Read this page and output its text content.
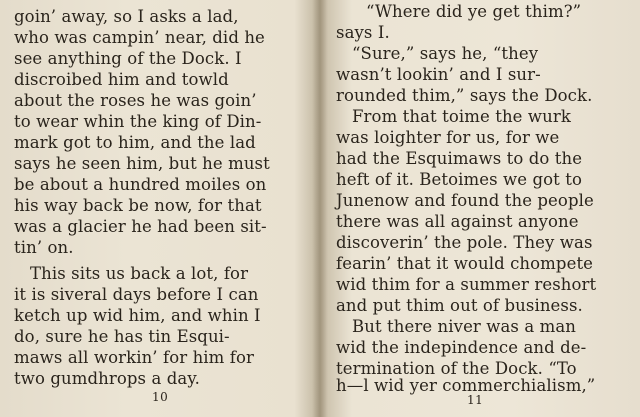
goin’ away, so I asks a lad,
who was campin’ near, did he
see anything of the Dock. I
discroibed him and towld
about the roses he was goin’
to wear whin the king of Din-
mark got to him, and the lad
says he seen him, but he must
be about a hundred moiles on
his way back be now, for that
was a glacier he had been sit-
tin’ on.
This sits us back a lot, for
it is siveral days before I can
ketch up wid him, and whin I
do, sure he has tin Esqui-
maws all workin’ for him for
two gumdhrops a day.
10
“Where did ye get thim?”
says I.
“Sure,” says he, “they
wasn’t lookin’ and I sur-
rounded thim,” says the Dock.
From that toime the wurk
was loighter for us, for we
had the Esquimaws to do the
heft of it. Betoimes we got to
Junenow and found the people
there was all against anyone
discoverin’ the pole. They was
fearin’ that it would chompete
wid thim for a summer reshort
and put thim out of business.
But there niver was a man
wid the indepindence and de-
termination of the Dock. “To
h—l wid yer commerchialism,”
11
